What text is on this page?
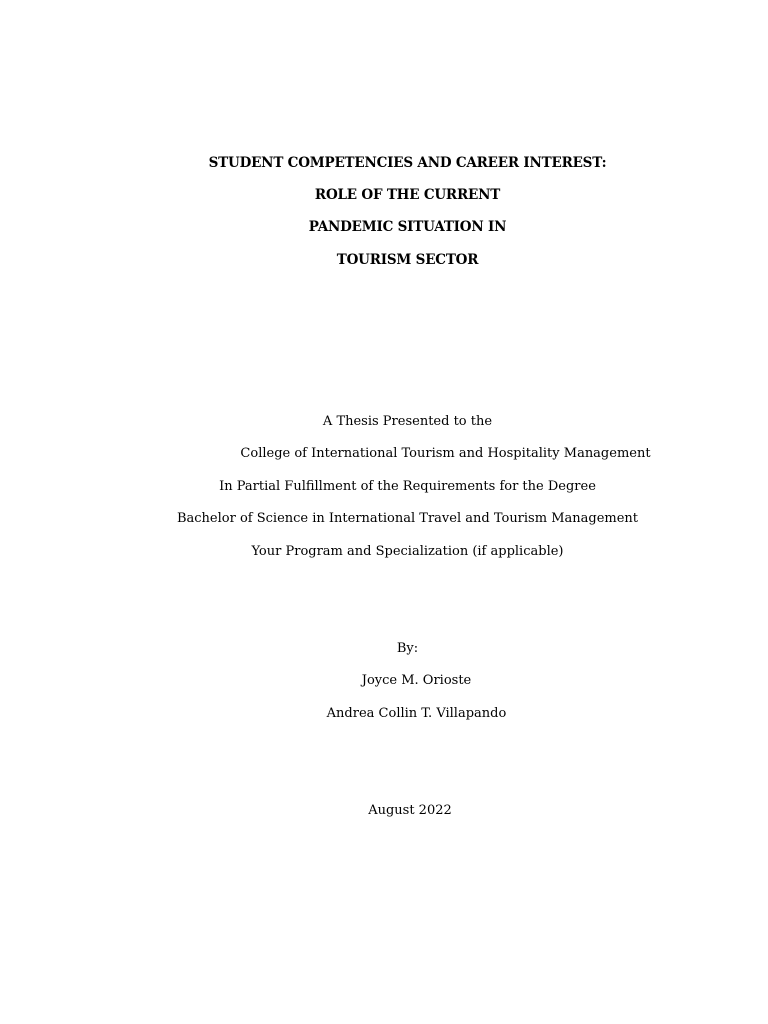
STUDENT COMPETENCIES AND CAREER INTEREST:
ROLE OF THE CURRENT
PANDEMIC SITUATION IN
TOURISM SECTOR
A Thesis Presented to the
College of International Tourism and Hospitality Management
In Partial Fulfillment of the Requirements for the Degree
Bachelor of Science in International Travel and Tourism Management
Your Program and Specialization (if applicable)
By:
Joyce M. Orioste
Andrea Collin T. Villapando
August 2022
